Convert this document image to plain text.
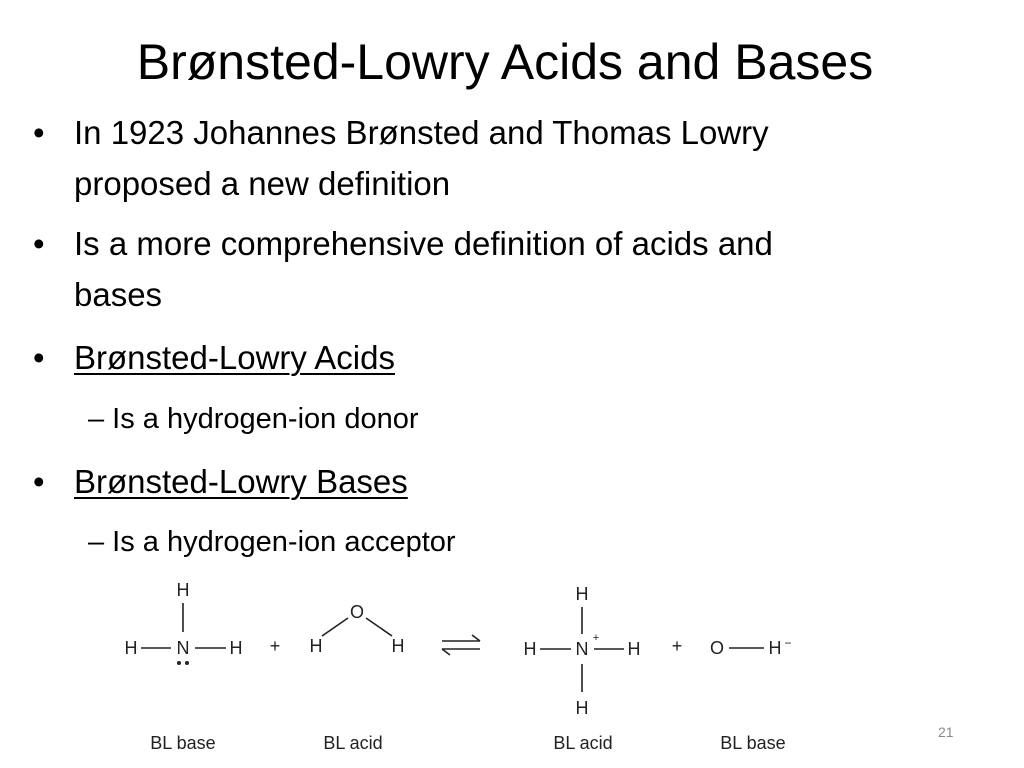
Brønsted-Lowry Acids and Bases
• In 1923 Johannes Brønsted and Thomas Lowry
proposed a new definition
• Is a more comprehensive definition of acids and
bases
• Brønsted-Lowry Acids
– Is a hydrogen-ion donor
• Brønsted-Lowry Bases
– Is a hydrogen-ion acceptor
H
H N H +
O
H	H
H
H N
+
H
H
+ O H −
BL base	BL acid	BL acid	BL base
21
